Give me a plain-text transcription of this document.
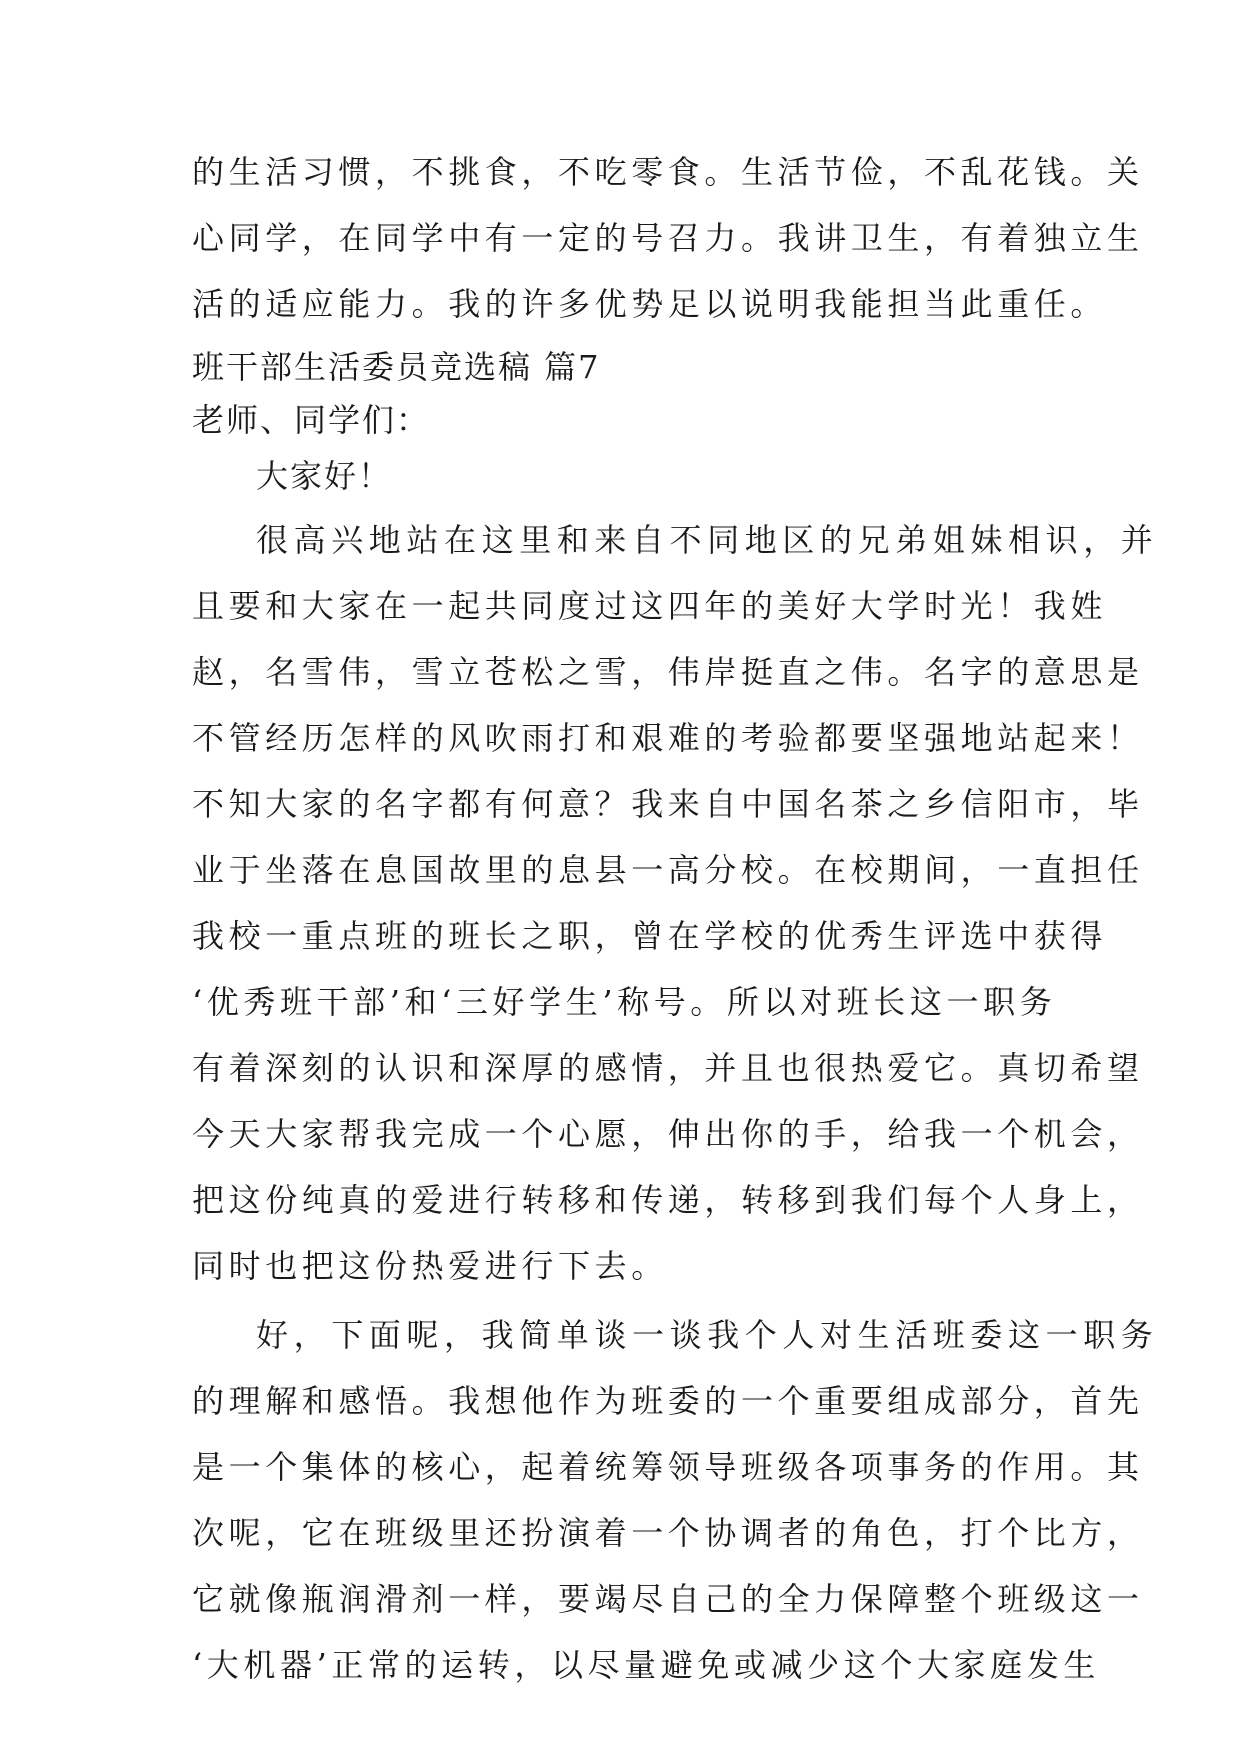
的生活习惯，不挑食，不吃零食。生活节俭，不乱花钱。关
心同学，在同学中有一定的号召力。我讲卫生，有着独立生
活的适应能力。我的许多优势足以说明我能担当此重任。
班干部生活委员竞选稿 篇7
老师、同学们：
大家好！
很高兴地站在这里和来自不同地区的兄弟姐妹相识，并
且要和大家在一起共同度过这四年的美好大学时光！我姓
赵，名雪伟，雪立苍松之雪，伟岸挺直之伟。名字的意思是
不管经历怎样的风吹雨打和艰难的考验都要坚强地站起来！
不知大家的名字都有何意？我来自中国名茶之乡信阳市，毕
业于坐落在息国故里的息县一高分校。在校期间，一直担任
我校一重点班的班长之职，曾在学校的优秀生评选中获得
‘优秀班干部’和‘三好学生’称号。所以对班长这一职务
有着深刻的认识和深厚的感情，并且也很热爱它。真切希望
今天大家帮我完成一个心愿，伸出你的手，给我一个机会，
把这份纯真的爱进行转移和传递，转移到我们每个人身上，
同时也把这份热爱进行下去。
好，下面呢，我简单谈一谈我个人对生活班委这一职务
的理解和感悟。我想他作为班委的一个重要组成部分，首先
是一个集体的核心，起着统筹领导班级各项事务的作用。其
次呢，它在班级里还扮演着一个协调者的角色，打个比方，
它就像瓶润滑剂一样，要竭尽自己的全力保障整个班级这一
‘大机器’正常的运转，以尽量避免或减少这个大家庭发生
